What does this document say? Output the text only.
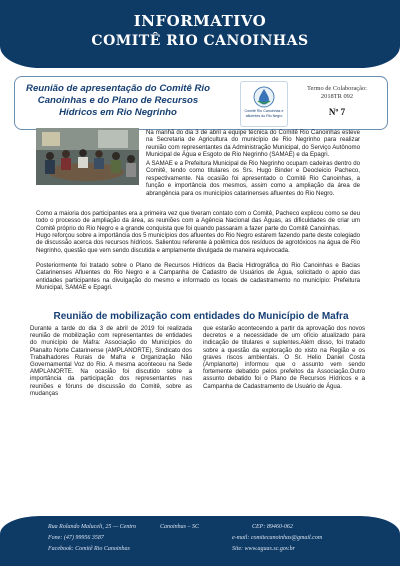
INFORMATIVO
COMITÊ RIO CANOINHAS
Reunião de apresentação do Comitê Rio Canoinhas e do Plano de Recursos Hídricos em Rio Negrinho	Comitê Rio Canoinhas e afluentes do Rio Negro
Termo de Colaboração:
2018TR 092
Nº 7
Na manhã do dia 3 de abril a equipe técnica do Comitê Rio Canoinhas esteve na Secretaria de Agricultura do município de Rio Negrinho para realizar reunião com representantes da Administração Municipal, do Serviço Autônomo Municipal de Água e Esgoto de Rio Negrinho (SAMAE) e da Epagri.
A SAMAE e a Prefeitura Municipal de Rio Negrinho ocupam cadeiras dentro do Comitê, tendo como titulares os Srs. Hugo Binder e Deocleicio Pacheco, respectivamente. Na ocasião foi apresentado o Comitê Rio Canoinhas, a função e importância dos mesmos, assim como a ampliação da área de abrangência para os municípios catarinenses afluentes do Rio Negro.
Como a maioria dos participantes era a primeira vez que tiveram contato com o Comitê, Pacheco explicou como se deu todo o processo de ampliação da área, as reuniões com a Agência Nacional das Águas, as dificuldades de criar um Comitê próprio do Rio Negro e a grande conquista que foi quando passaram a fazer parte do Comitê Canoinhas.
Hugo reforçou sobre a importância dos 5 municípios dos afluentes do Rio Negro estarem fazendo parte deste colegiado de discussão acerca dos recursos hídricos. Salientou referente à polêmica dos resíduos de agrotóxicos na água de Rio Negrinho, questão que vem sendo discutida e amplamente divulgada de maneira equivocada.
Posteriormente foi tratado sobre o Plano de Recursos Hídricos da Bacia Hidrográfica do Rio Canoinhas e Bacias Catarinenses Afluentes do Rio Negro e a Campanha de Cadastro de Usuários de Água, solicitado o apoio das entidades participantes na divulgação do mesmo e informado os locais de cadastramento no município: Prefeitura Municipal, SAMAE e Epagri.
Reunião de mobilização com entidades do Município de Mafra
Durante a tarde do dia 3 de abril de 2019 foi realizada reunião de mobilização com representantes de entidades do município de Mafra: Associação do Municípios do Planalto Norte Catarinense (AMPLANORTE), Sindicato dos Trabalhadores Rurais de Mafra e Organização Não Governamental Voz do Rio. A mesma aconteceu na Sede AMPLANORTE. Na ocasião foi discutido sobre a importância da participação dos representantes nas reuniões e fóruns de discussão do Comitê, sobre as mudanças
que estarão acontecendo a partir da aprovação dos novos decretos e a necessidade de um ofício atualizado para indicação de titulares e suplentes.Além disso, foi tratado sobre a questão da exploração do xisto na Região e os graves riscos ambientais. O Sr. Helio Daniel Costa (Amplanorte) informou que o assunto vem sendo fortemente debatido pelos prefeitos da Associação.Outro assunto debatido foi o Plano de Recursos Hídricos e a Campanha de Cadastramento de Usuário de Água.
Rua Rolando Maluceli, 25 — Centro	Canoinhas – SC	CEP: 89460-062
Fone: (47) 99956 3587	e-mail: comitecanoinhas@gmail.com
Facebook: Comitê Rio Canoinhas	Site: www.aguas.sc.gov.br
